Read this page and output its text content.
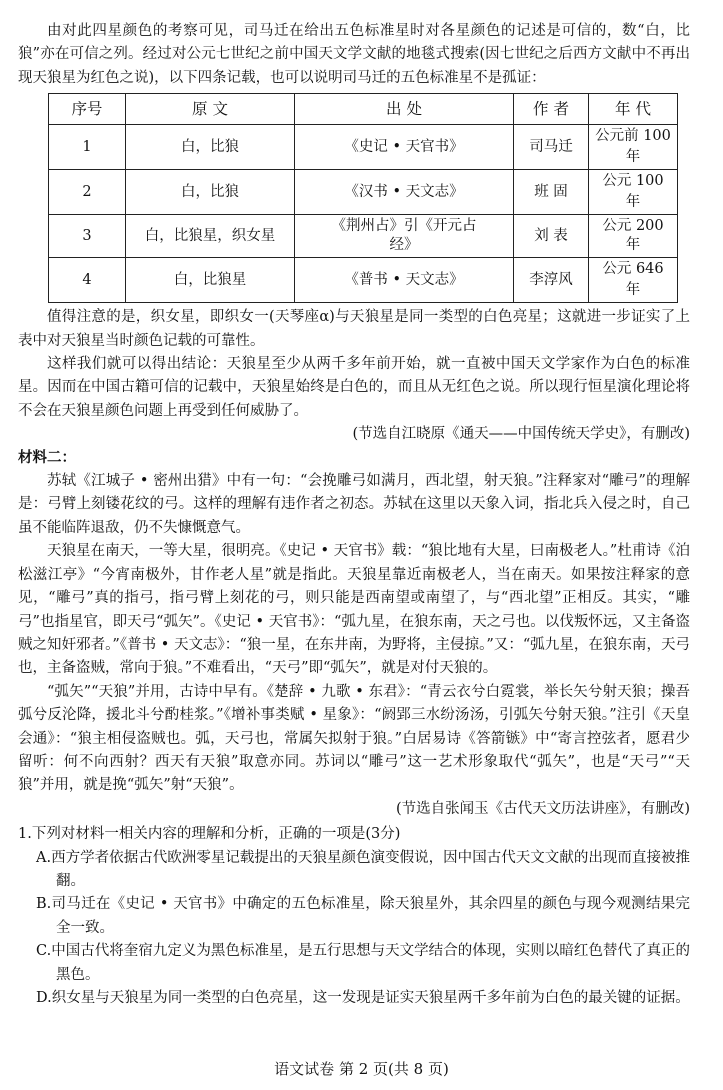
由对此四星颜色的考察可见，司马迁在给出五色标准星时对各星颜色的记述是可信的，数“白，比狼”亦在可信之列。经过对公元七世纪之前中国天文学文献的地毯式搜索(因七世纪之后西方文献中不再出现天狼星为红色之说)，以下四条记载，也可以说明司马迁的五色标准星不是孤证：

序号	原 文	出 处	作 者	年 代
1	白，比狼	《史记 • 天官书》	司马迁	公元前 100 年
2	白，比狼	《汉书 • 天文志》	班 固	公元 100 年
3	白，比狼星，织女星	《荆州占》引《开元占经》	刘 表	公元 200 年
4	白，比狼星	《普书 • 天文志》	李淳风	公元 646 年

值得注意的是，织女星，即织女一(天琴座α)与天狼星是同一类型的白色亮星；这就进一步证实了上表中对天狼星当时颜色记载的可靠性。

这样我们就可以得出结论：天狼星至少从两千多年前开始，就一直被中国天文学家作为白色的标准星。因而在中国古籍可信的记载中，天狼星始终是白色的，而且从无红色之说。所以现行恒星演化理论将不会在天狼星颜色问题上再受到任何威胁了。

(节选自江晓原《通天——中国传统天学史》，有删改)

材料二：

苏轼《江城子 • 密州出猎》中有一句：“会挽雕弓如满月，西北望，射天狼。”注释家对“雕弓”的理解是：弓臂上刻镂花纹的弓。这样的理解有违作者之初态。苏轼在这里以天象入词，指北兵入侵之时，自己虽不能临阵退敌，仍不失慷慨意气。

天狼星在南天，一等大星，很明亮。《史记 • 天官书》载：“狼比地有大星，曰南极老人。”杜甫诗《泊松滋江亭》“今宵南极外，甘作老人星”就是指此。天狼星靠近南极老人，当在南天。如果按注释家的意见，“雕弓”真的指弓，指弓臂上刻花的弓，则只能是西南望或南望了，与“西北望”正相反。其实，“雕弓”也指星官，即天弓“弧矢”。《史记 • 天官书》：“弧九星，在狼东南，天之弓也。以伐叛怀远，又主备盗贼之知奸邪者。”《普书 • 天文志》：“狼一星，在东井南，为野将，主侵掠。”又：“弧九星，在狼东南，天弓也，主备盗贼，常向于狼。”不难看出，“天弓”即“弧矢”，就是对付天狼的。

“弧矢”“天狼”并用，古诗中早有。《楚辞 • 九歌 • 东君》：“青云衣兮白霓裳，举长矢兮射天狼；操吾弧兮反沦降，援北斗兮酌桂浆。”《增补事类赋 • 星象》：“阏郢三水纷汤汤，引弧矢兮射天狼。”注引《天皇会通》：“狼主相侵盗贼也。弧，天弓也，常属矢拟射于狼。”白居易诗《答箭镞》中“寄言控弦者，愿君少留听：何不向西射？西天有天狼”取意亦同。苏词以“雕弓”这一艺术形象取代“弧矢”，也是“天弓”“天狼”并用，就是挽“弧矢”射“天狼”。

(节选自张闻玉《古代天文历法讲座》，有删改)

1.下列对材料一相关内容的理解和分析，正确的一项是(3分)

A.西方学者依据古代欧洲零星记载提出的天狼星颜色演变假说，因中国古代天文文献的出现而直接被推翻。

B.司马迁在《史记 • 天官书》中确定的五色标准星，除天狼星外，其余四星的颜色与现今观测结果完全一致。

C.中国古代将奎宿九定义为黑色标准星，是五行思想与天文学结合的体现，实则以暗红色替代了真正的黑色。

D.织女星与天狼星为同一类型的白色亮星，这一发现是证实天狼星两千多年前为白色的最关键的证据。

语文试卷 第 2 页(共 8 页)
